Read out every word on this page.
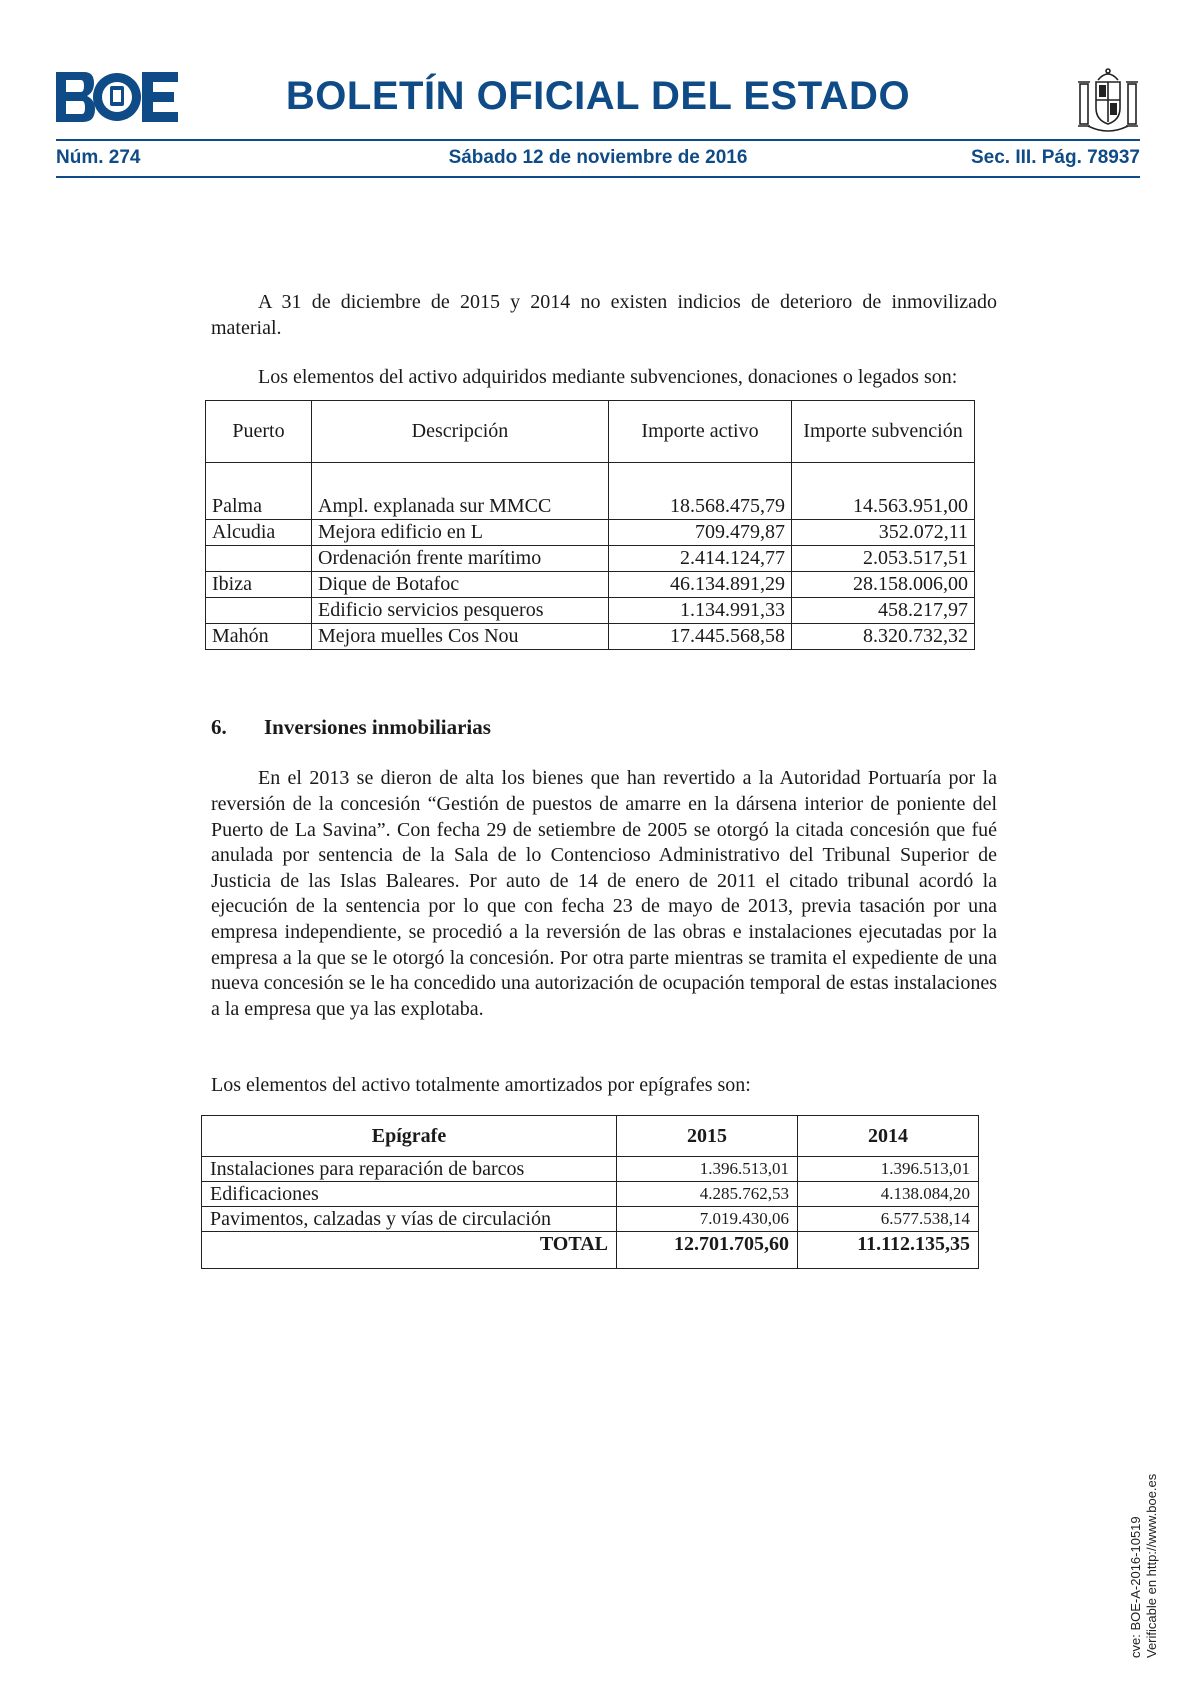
BOLETÍN OFICIAL DEL ESTADO
Núm. 274	Sábado 12 de noviembre de 2016	Sec. III. Pág. 78937

A 31 de diciembre de 2015 y 2014 no existen indicios de deterioro de inmovilizado material.

Los elementos del activo adquiridos mediante subvenciones, donaciones o legados son:

Puerto	Descripción	Importe activo	Importe subvención

Palma	Ampl. explanada sur MMCC	18.568.475,79	14.563.951,00
Alcudia	Mejora edificio en L	709.479,87	352.072,11
	Ordenación frente marítimo	2.414.124,77	2.053.517,51
Ibiza	Dique de Botafoc	46.134.891,29	28.158.006,00
	Edificio servicios pesqueros	1.134.991,33	458.217,97
Mahón	Mejora muelles Cos Nou	17.445.568,58	8.320.732,32
6. Inversiones inmobiliarias

En el 2013 se dieron de alta los bienes que han revertido a la Autoridad Portuaría por la reversión de la concesión “Gestión de puestos de amarre en la dársena interior de poniente del Puerto de La Savina”. Con fecha 29 de setiembre de 2005 se otorgó la citada concesión que fué anulada por sentencia de la Sala de lo Contencioso Administrativo del Tribunal Superior de Justicia de las Islas Baleares. Por auto de 14 de enero de 2011 el citado tribunal acordó la ejecución de la sentencia por lo que con fecha 23 de mayo de 2013, previa tasación por una empresa independiente, se procedió a la reversión de las obras e instalaciones ejecutadas por la empresa a la que se le otorgó la concesión. Por otra parte mientras se tramita el expediente de una nueva concesión se le ha concedido una autorización de ocupación temporal de estas instalaciones a la empresa que ya las explotaba.

Los elementos del activo totalmente amortizados por epígrafes son:

Epígrafe	2015	2014
Instalaciones para reparación de barcos	1.396.513,01	1.396.513,01
Edificaciones	4.285.762,53	4.138.084,20
Pavimentos, calzadas y vías de circulación	7.019.430,06	6.577.538,14
TOTAL	12.701.705,60	11.112.135,35
cve: BOE-A-2016-10519 Verificable en http://www.boe.es
